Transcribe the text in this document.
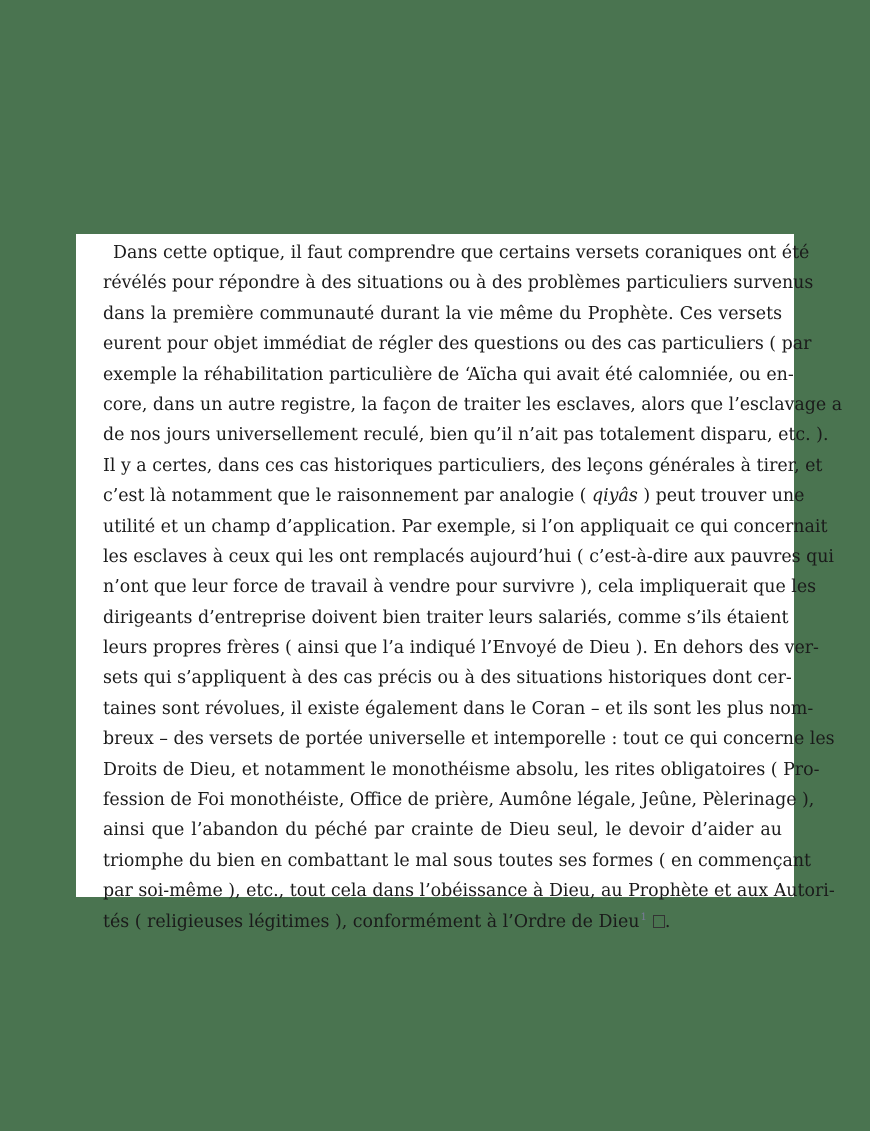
Dans cette optique, il faut comprendre que certains versets coraniques ont été
révélés pour répondre à des situations ou à des problèmes particuliers survenus
dans la première communauté durant la vie même du Prophète. Ces versets
eurent pour objet immédiat de régler des questions ou des cas particuliers ( par
exemple la réhabilitation particulière de ‘Aïcha qui avait été calomniée, ou en-
core, dans un autre registre, la façon de traiter les esclaves, alors que l’esclavage a
de nos jours universellement reculé, bien qu’il n’ait pas totalement disparu, etc. ).
Il y a certes, dans ces cas historiques particuliers, des leçons générales à tirer, et
c’est là notamment que le raisonnement par analogie ( qiyâs ) peut trouver une
utilité et un champ d’application. Par exemple, si l’on appliquait ce qui concernait
les esclaves à ceux qui les ont remplacés aujourd’hui ( c’est-à-dire aux pauvres qui
n’ont que leur force de travail à vendre pour survivre ), cela impliquerait que les
dirigeants d’entreprise doivent bien traiter leurs salariés, comme s’ils étaient
leurs propres frères ( ainsi que l’a indiqué l’Envoyé de Dieu ). En dehors des ver-
sets qui s’appliquent à des cas précis ou à des situations historiques dont cer-
taines sont révolues, il existe également dans le Coran – et ils sont les plus nom-
breux – des versets de portée universelle et intemporelle : tout ce qui concerne les
Droits de Dieu, et notamment le monothéisme absolu, les rites obligatoires ( Pro-
fession de Foi monothéiste, Office de prière, Aumône légale, Jeûne, Pèlerinage ),
ainsi que l’abandon du péché par crainte de Dieu seul, le devoir d’aider au
triomphe du bien en combattant le mal sous toutes ses formes ( en commençant
par soi-même ), etc., tout cela dans l’obéissance à Dieu, au Prophète et aux Autori-
tés ( religieuses légitimes ), conformément à l’Ordre de Dieu$^1$ .
